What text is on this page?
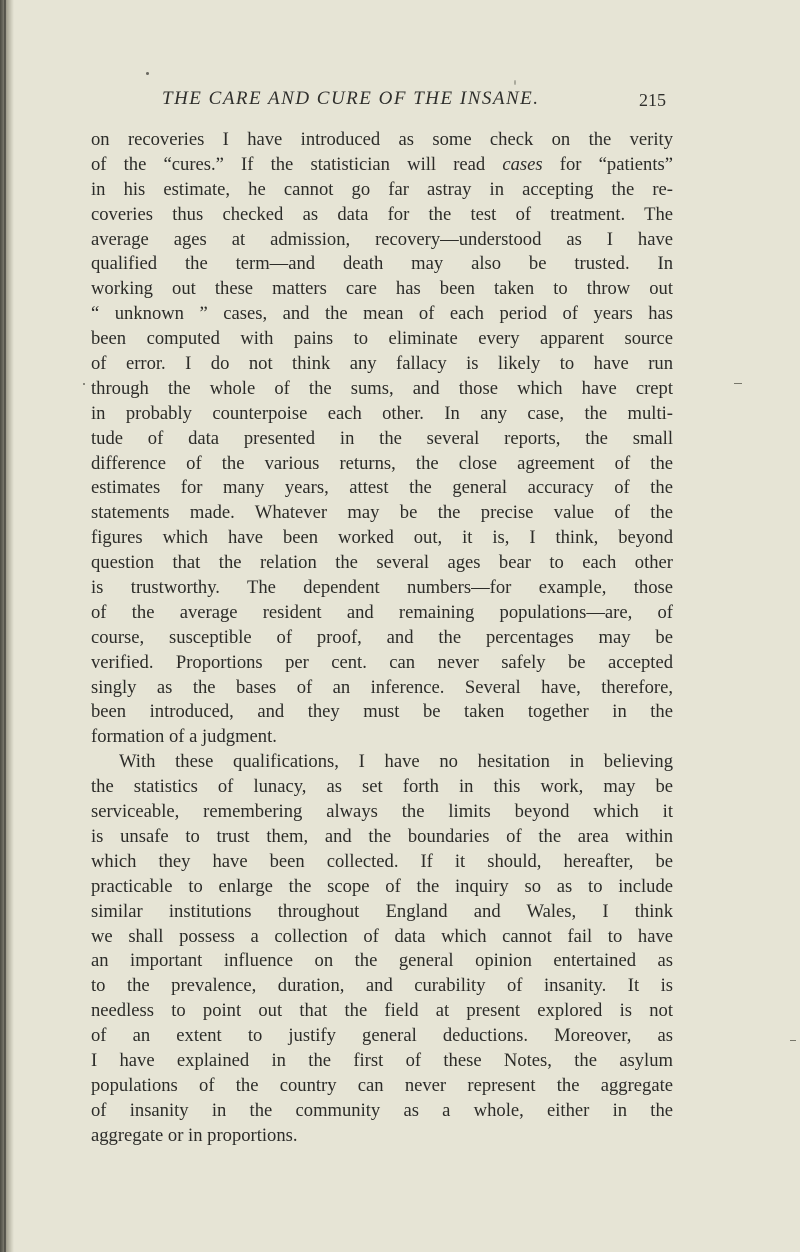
THE CARE AND CURE OF THE INSANE.	215
on recoveries I have introduced as some check on the verity
of the “cures.” If the statistician will read cases for “patients”
in his estimate, he cannot go far astray in accepting the re-
coveries thus checked as data for the test of treatment. The
average ages at admission, recovery—understood as I have
qualified the term—and death may also be trusted. In
working out these matters care has been taken to throw out
“ unknown ” cases, and the mean of each period of years has
been computed with pains to eliminate every apparent source
of error. I do not think any fallacy is likely to have run
through the whole of the sums, and those which have crept
in probably counterpoise each other. In any case, the multi-
tude of data presented in the several reports, the small
difference of the various returns, the close agreement of the
estimates for many years, attest the general accuracy of the
statements made. Whatever may be the precise value of the
figures which have been worked out, it is, I think, beyond
question that the relation the several ages bear to each other
is trustworthy. The dependent numbers—for example, those
of the average resident and remaining populations—are, of
course, susceptible of proof, and the percentages may be
verified. Proportions per cent. can never safely be accepted
singly as the bases of an inference. Several have, therefore,
been introduced, and they must be taken together in the
formation of a judgment.
With these qualifications, I have no hesitation in believing
the statistics of lunacy, as set forth in this work, may be
serviceable, remembering always the limits beyond which it
is unsafe to trust them, and the boundaries of the area within
which they have been collected. If it should, hereafter, be
practicable to enlarge the scope of the inquiry so as to include
similar institutions throughout England and Wales, I think
we shall possess a collection of data which cannot fail to have
an important influence on the general opinion entertained as
to the prevalence, duration, and curability of insanity. It is
needless to point out that the field at present explored is not
of an extent to justify general deductions. Moreover, as
I have explained in the first of these Notes, the asylum
populations of the country can never represent the aggregate
of insanity in the community as a whole, either in the
aggregate or in proportions.
